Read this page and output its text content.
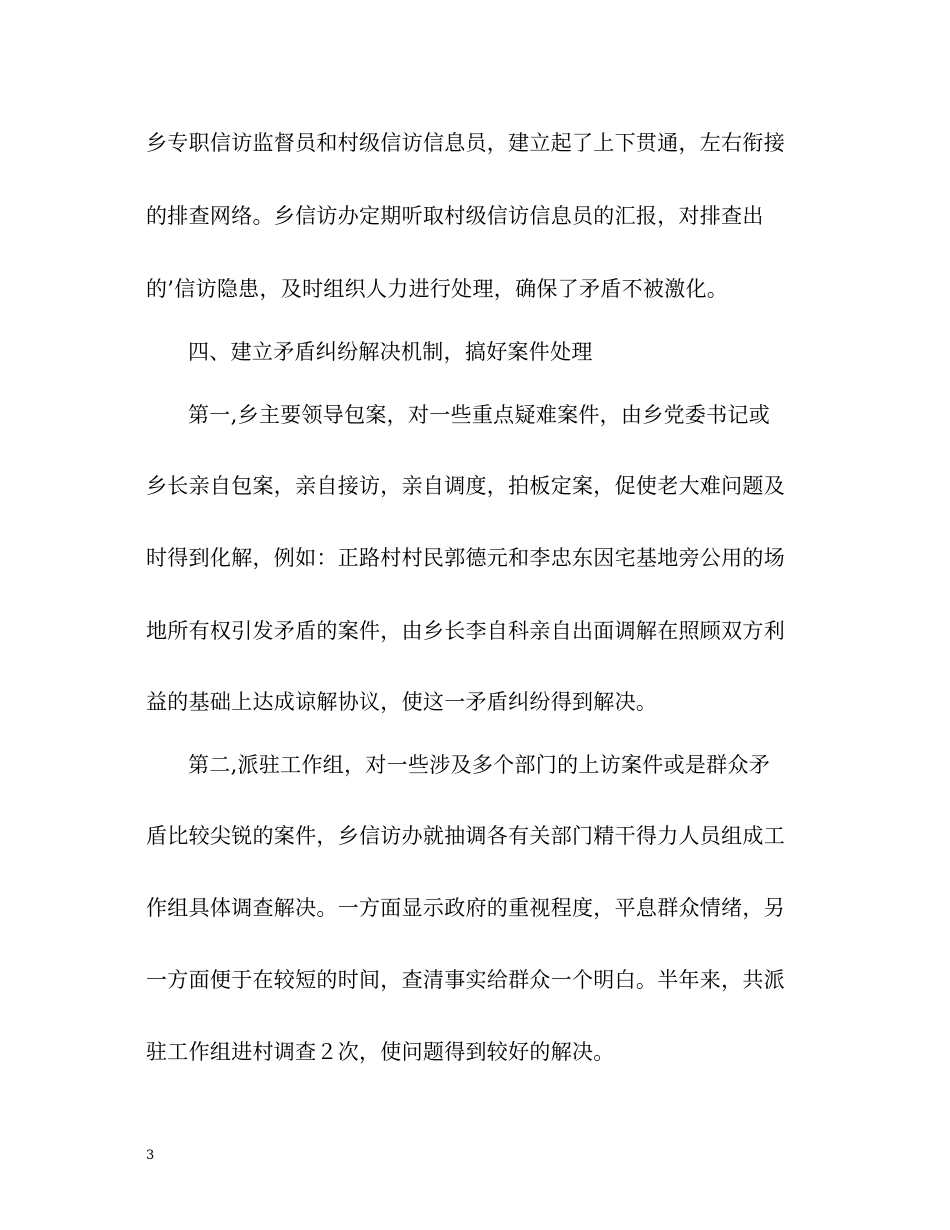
乡专职信访监督员和村级信访信息员，建立起了上下贯通，左右衔接
的排查网络。乡信访办定期听取村级信访信息员的汇报，对排查出
的’信访隐患，及时组织人力进行处理，确保了矛盾不被激化。
四、建立矛盾纠纷解决机制，搞好案件处理
第一,乡主要领导包案，对一些重点疑难案件，由乡党委书记或
乡长亲自包案，亲自接访，亲自调度，拍板定案，促使老大难问题及
时得到化解，例如：正路村村民郭德元和李忠东因宅基地旁公用的场
地所有权引发矛盾的案件，由乡长李自科亲自出面调解在照顾双方利
益的基础上达成谅解协议，使这一矛盾纠纷得到解决。
第二,派驻工作组，对一些涉及多个部门的上访案件或是群众矛
盾比较尖锐的案件，乡信访办就抽调各有关部门精干得力人员组成工
作组具体调查解决。一方面显示政府的重视程度，平息群众情绪，另
一方面便于在较短的时间，查清事实给群众一个明白。半年来，共派
驻工作组进村调查２次，使问题得到较好的解决。
3
